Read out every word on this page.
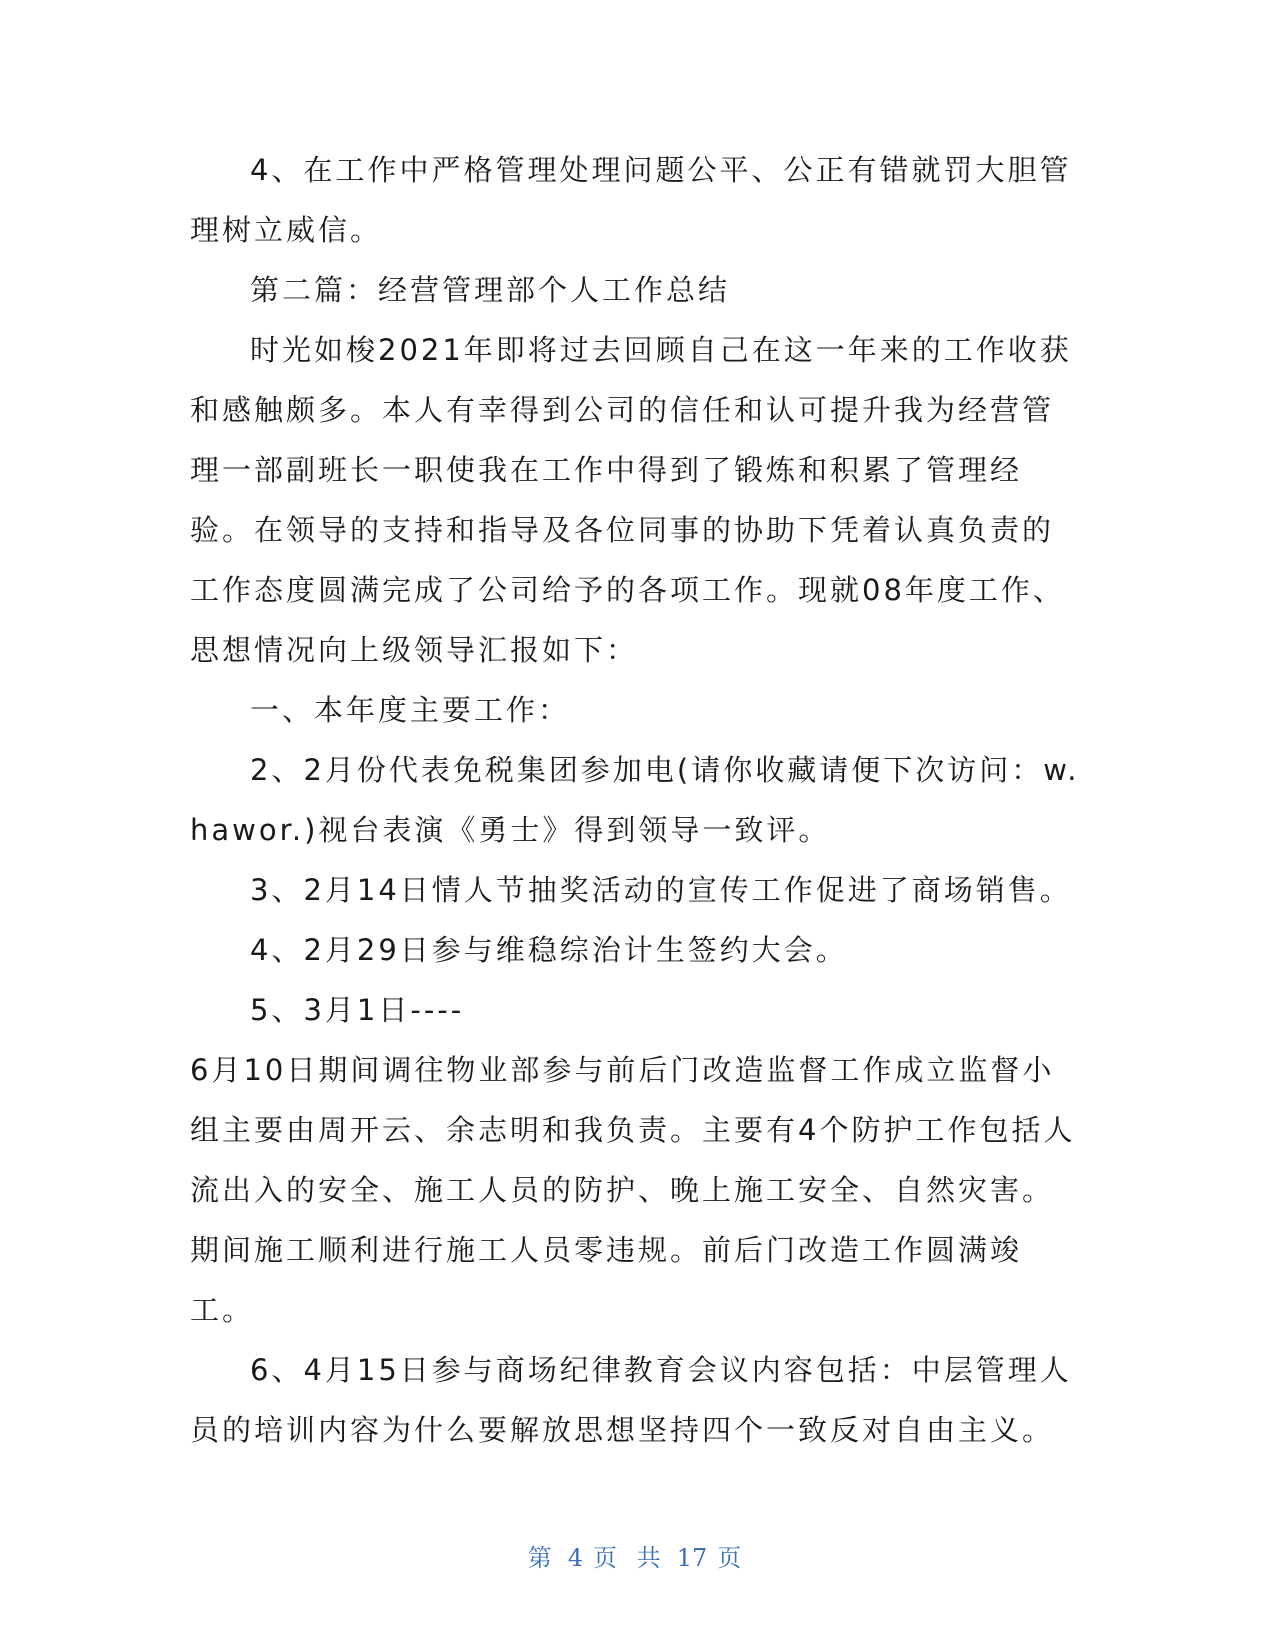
4、在工作中严格管理处理问题公平、公正有错就罚大胆管理树立威信。

第二篇：经营管理部个人工作总结

时光如梭2021年即将过去回顾自己在这一年来的工作收获和感触颇多。本人有幸得到公司的信任和认可提升我为经营管理一部副班长一职使我在工作中得到了锻炼和积累了管理经验。在领导的支持和指导及各位同事的协助下凭着认真负责的工作态度圆满完成了公司给予的各项工作。现就08年度工作、思想情况向上级领导汇报如下：

一、本年度主要工作：

2、2月份代表免税集团参加电(请你收藏请便下次访问：w.hawor.)视台表演《勇士》得到领导一致评。

3、2月14日情人节抽奖活动的宣传工作促进了商场销售。

4、2月29日参与维稳综治计生签约大会。

5、3月1日----

6月10日期间调往物业部参与前后门改造监督工作成立监督小组主要由周开云、余志明和我负责。主要有4个防护工作包括人流出入的安全、施工人员的防护、晚上施工安全、自然灾害。期间施工顺利进行施工人员零违规。前后门改造工作圆满竣工。

6、4月15日参与商场纪律教育会议内容包括：中层管理人员的培训内容为什么要解放思想坚持四个一致反对自由主义。

第 4 页 共 17 页
